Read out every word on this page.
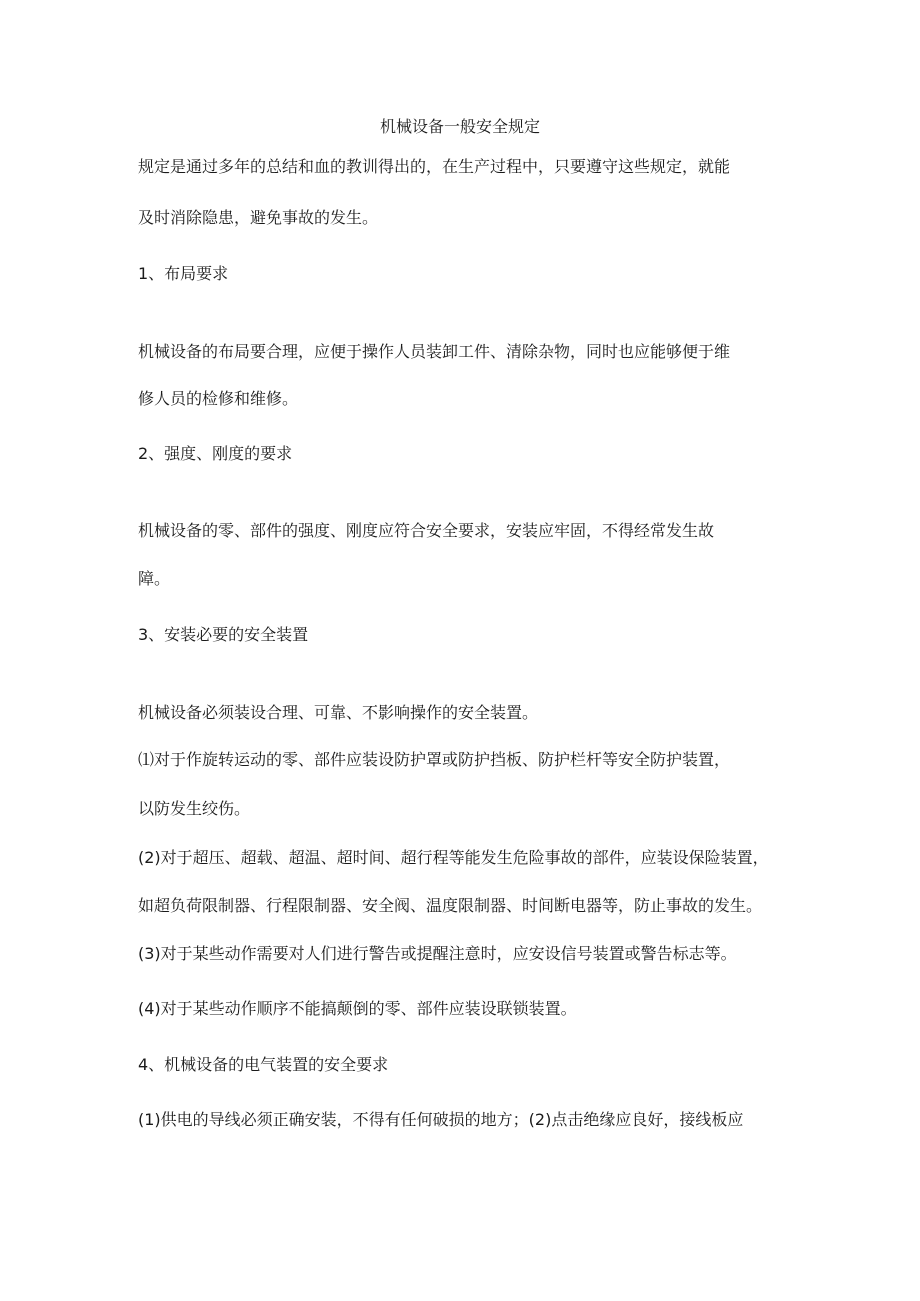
机械设备一般安全规定
规定是通过多年的总结和血的教训得出的，在生产过程中，只要遵守这些规定，就能
及时消除隐患，避免事故的发生。
1、布局要求
机械设备的布局要合理，应便于操作人员装卸工件、清除杂物，同时也应能够便于维
修人员的检修和维修。
2、强度、刚度的要求
机械设备的零、部件的强度、刚度应符合安全要求，安装应牢固，不得经常发生故
障。
3、安装必要的安全装置
机械设备必须装设合理、可靠、不影响操作的安全装置。
⑴对于作旋转运动的零、部件应装设防护罩或防护挡板、防护栏杆等安全防护装置，
以防发生绞伤。
(2)对于超压、超载、超温、超时间、超行程等能发生危险事故的部件，应装设保险装置，
如超负荷限制器、行程限制器、安全阀、温度限制器、时间断电器等，防止事故的发生。
(3)对于某些动作需要对人们进行警告或提醒注意时，应安设信号装置或警告标志等。
(4)对于某些动作顺序不能搞颠倒的零、部件应装设联锁装置。
4、机械设备的电气装置的安全要求
(1)供电的导线必须正确安装，不得有任何破损的地方；(2)点击绝缘应良好，接线板应
